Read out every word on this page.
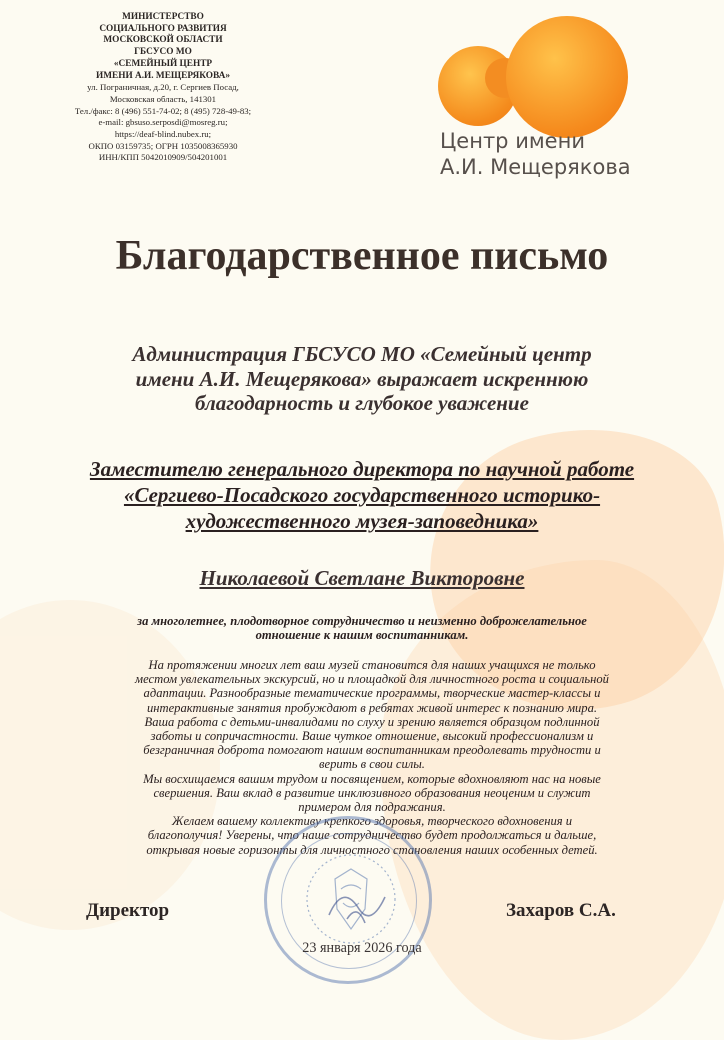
МИНИСТЕРСТВО
СОЦИАЛЬНОГО РАЗВИТИЯ
МОСКОВСКОЙ ОБЛАСТИ
ГБСУСО МО
«СЕМЕЙНЫЙ ЦЕНТР
ИМЕНИ А.И. МЕЩЕРЯКОВА»
ул. Пограничная, д.20, г. Сергиев Посад,
Московская область, 141301
Тел./факс: 8 (496) 551-74-02; 8 (495) 728-49-83;
e-mail: gbsuso.serposdi@mosreg.ru;
https://deaf-blind.nubex.ru;
ОКПО 03159735; ОГРН 1035008365930
ИНН/КПП 5042010909/504201001
Центр имени
А.И. Мещерякова
Благодарственное письмо
Администрация ГБСУСО МО «Семейный центр
имени А.И. Мещерякова» выражает искреннюю
благодарность и глубокое уважение
Заместителю генерального директора по научной работе
«Сергиево-Посадского государственного историко-
художественного музея-заповедника»
Николаевой Светлане Викторовне
за многолетнее, плодотворное сотрудничество и неизменно доброжелательное
отношение к нашим воспитанникам.
На протяжении многих лет ваш музей становится для наших учащихся не только
местом увлекательных экскурсий, но и площадкой для личностного роста и социальной
адаптации. Разнообразные тематические программы, творческие мастер-классы и
интерактивные занятия пробуждают в ребятах живой интерес к познанию мира.
Ваша работа с детьми-инвалидами по слуху и зрению является образцом подлинной
заботы и сопричастности. Ваше чуткое отношение, высокий профессионализм и
безграничная доброта помогают нашим воспитанникам преодолевать трудности и
верить в свои силы.
Мы восхищаемся вашим трудом и посвящением, которые вдохновляют нас на новые
свершения. Ваш вклад в развитие инклюзивного образования неоценим и служит
примером для подражания.
Желаем вашему коллективу крепкого здоровья, творческого вдохновения и
благополучия! Уверены, что наше сотрудничество будет продолжаться и дальше,
открывая новые горизонты для личностного становления наших особенных детей.
Директор	Захаров С.А.
23 января 2026 года
